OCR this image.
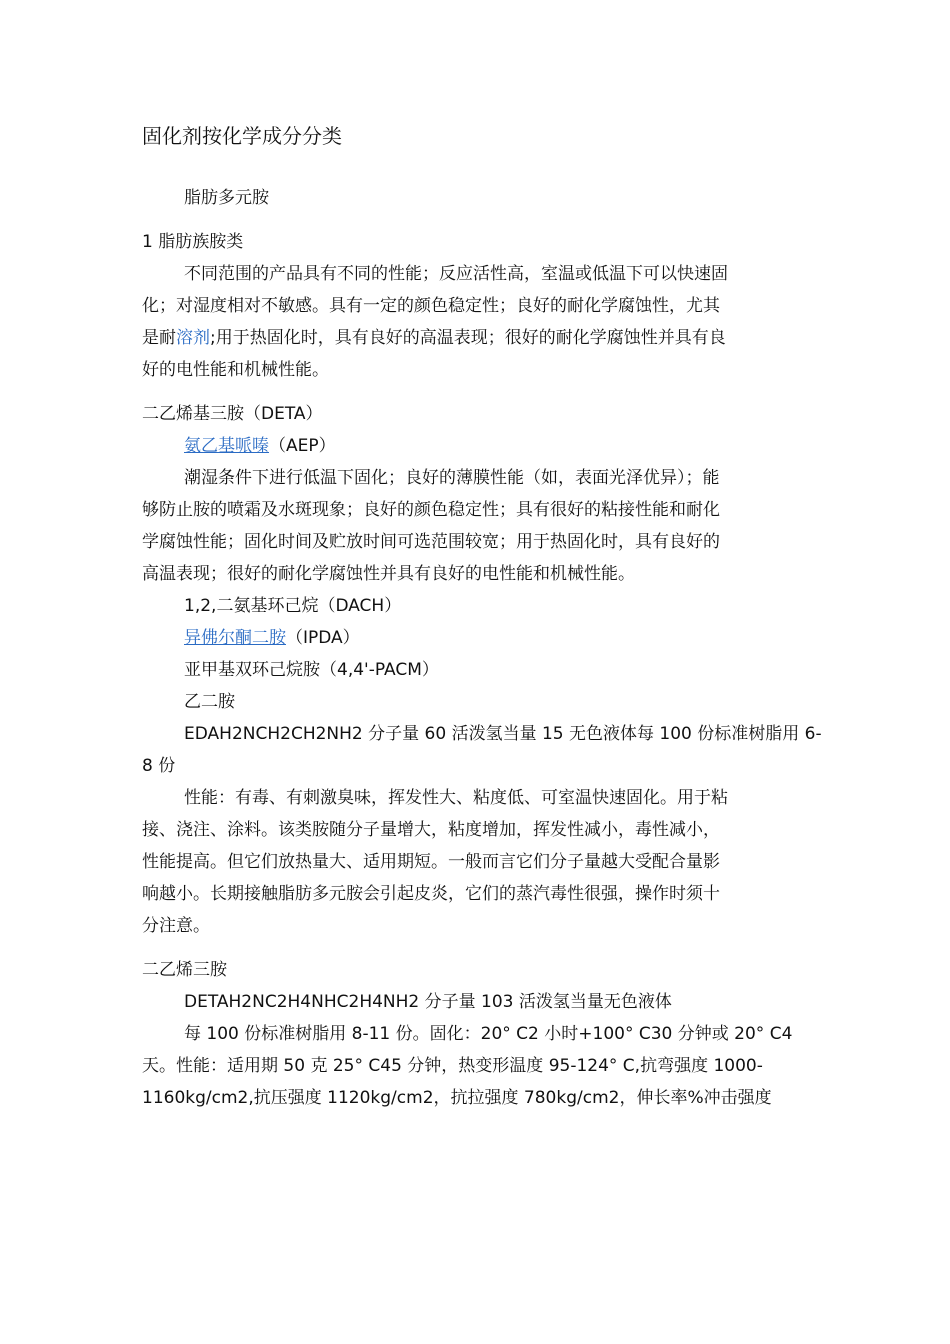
固化剂按化学成分分类

脂肪多元胺

1 脂肪族胺类

不同范围的产品具有不同的性能；反应活性高，室温或低温下可以快速固
化；对湿度相对不敏感。具有一定的颜色稳定性；良好的耐化学腐蚀性，尤其
是耐溶剂;用于热固化时，具有良好的高温表现；很好的耐化学腐蚀性并具有良
好的电性能和机械性能。

二乙烯基三胺（DETA）

氨乙基哌嗪（AEP）

潮湿条件下进行低温下固化；良好的薄膜性能（如，表面光泽优异）；能
够防止胺的喷霜及水斑现象；良好的颜色稳定性；具有很好的粘接性能和耐化
学腐蚀性能；固化时间及贮放时间可选范围较宽；用于热固化时，具有良好的
高温表现；很好的耐化学腐蚀性并具有良好的电性能和机械性能。

1,2,二氨基环己烷（DACH）

异佛尔酮二胺（IPDA）

亚甲基双环己烷胺（4,4'-PACM）

乙二胺

EDAH2NCH2CH2NH2 分子量 60 活泼氢当量 15 无色液体每 100 份标准树脂用 6-
8 份
性能：有毒、有刺激臭味，挥发性大、粘度低、可室温快速固化。用于粘
接、浇注、涂料。该类胺随分子量增大，粘度增加，挥发性减小，毒性减小，
性能提高。但它们放热量大、适用期短。一般而言它们分子量越大受配合量影
响越小。长期接触脂肪多元胺会引起皮炎，它们的蒸汽毒性很强，操作时须十
分注意。

二乙烯三胺

DETAH2NC2H4NHC2H4NH2 分子量 103 活泼氢当量无色液体

每 100 份标准树脂用 8-11 份。固化：20° C2 小时+100° C30 分钟或 20° C4
天。性能：适用期 50 克 25° C45 分钟，热变形温度 95-124° C,抗弯强度 1000-
1160kg/cm2,抗压强度 1120kg/cm2，抗拉强度 780kg/cm2，伸长率%冲击强度
